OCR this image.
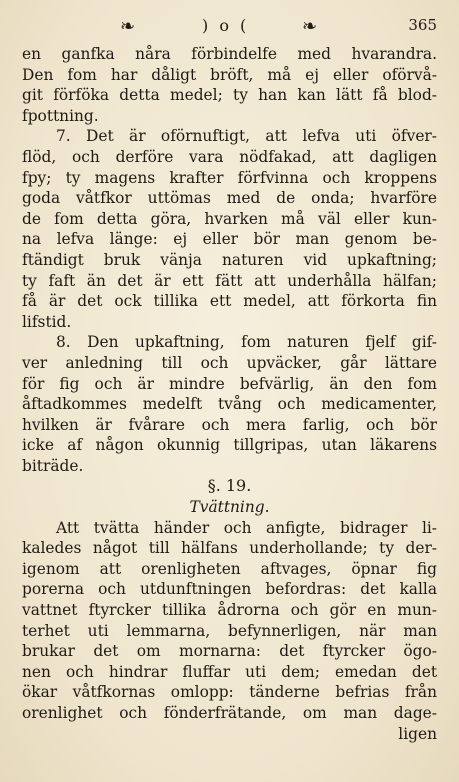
❧	) o (	❧	365
en ganfka nåra förbindelfe med hvarandra.
Den fom har dåligt bröft, må ej eller oförvå-
git förföka detta medel; ty han kan lätt få blod-
fpottning.
7. Det är oförnuftigt, att lefva uti öfver-
flöd, och derföre vara nödfakad, att dagligen
fpy; ty magens krafter förfvinna och kroppens
goda våtfkor uttömas med de onda; hvarföre
de fom detta göra, hvarken må väl eller kun-
na lefva länge: ej eller bör man genom be-
ftändigt bruk vänja naturen vid upkaftning;
ty faft än det är ett fätt att underhålla hälfan;
få är det ock tillika ett medel, att förkorta fin
lifstid.
8. Den upkaftning, fom naturen fjelf gif-
ver anledning till och upväcker, går lättare
för fig och är mindre befvärlig, än den fom
åftadkommes medelft tvång och medicamenter,
hvilken är fvårare och mera farlig, och bör
icke af någon okunnig tillgripas, utan läkarens
biträde.
§. 19.
Tvättning.
Att tvätta händer och anfigte, bidrager li-
kaledes något till hälfans underhollande; ty der-
igenom att orenligheten aftvages, öpnar fig
porerna och utdunftningen befordras: det kalla
vattnet ftyrcker tillika ådrorna och gör en mun-
terhet uti lemmarna, befynnerligen, när man
brukar det om mornarna: det ftyrcker ögo-
nen och hindrar fluffar uti dem; emedan det
ökar våtfkornas omlopp: tänderne befrias från
orenlighet och fönderfrätande, om man dage-
ligen
